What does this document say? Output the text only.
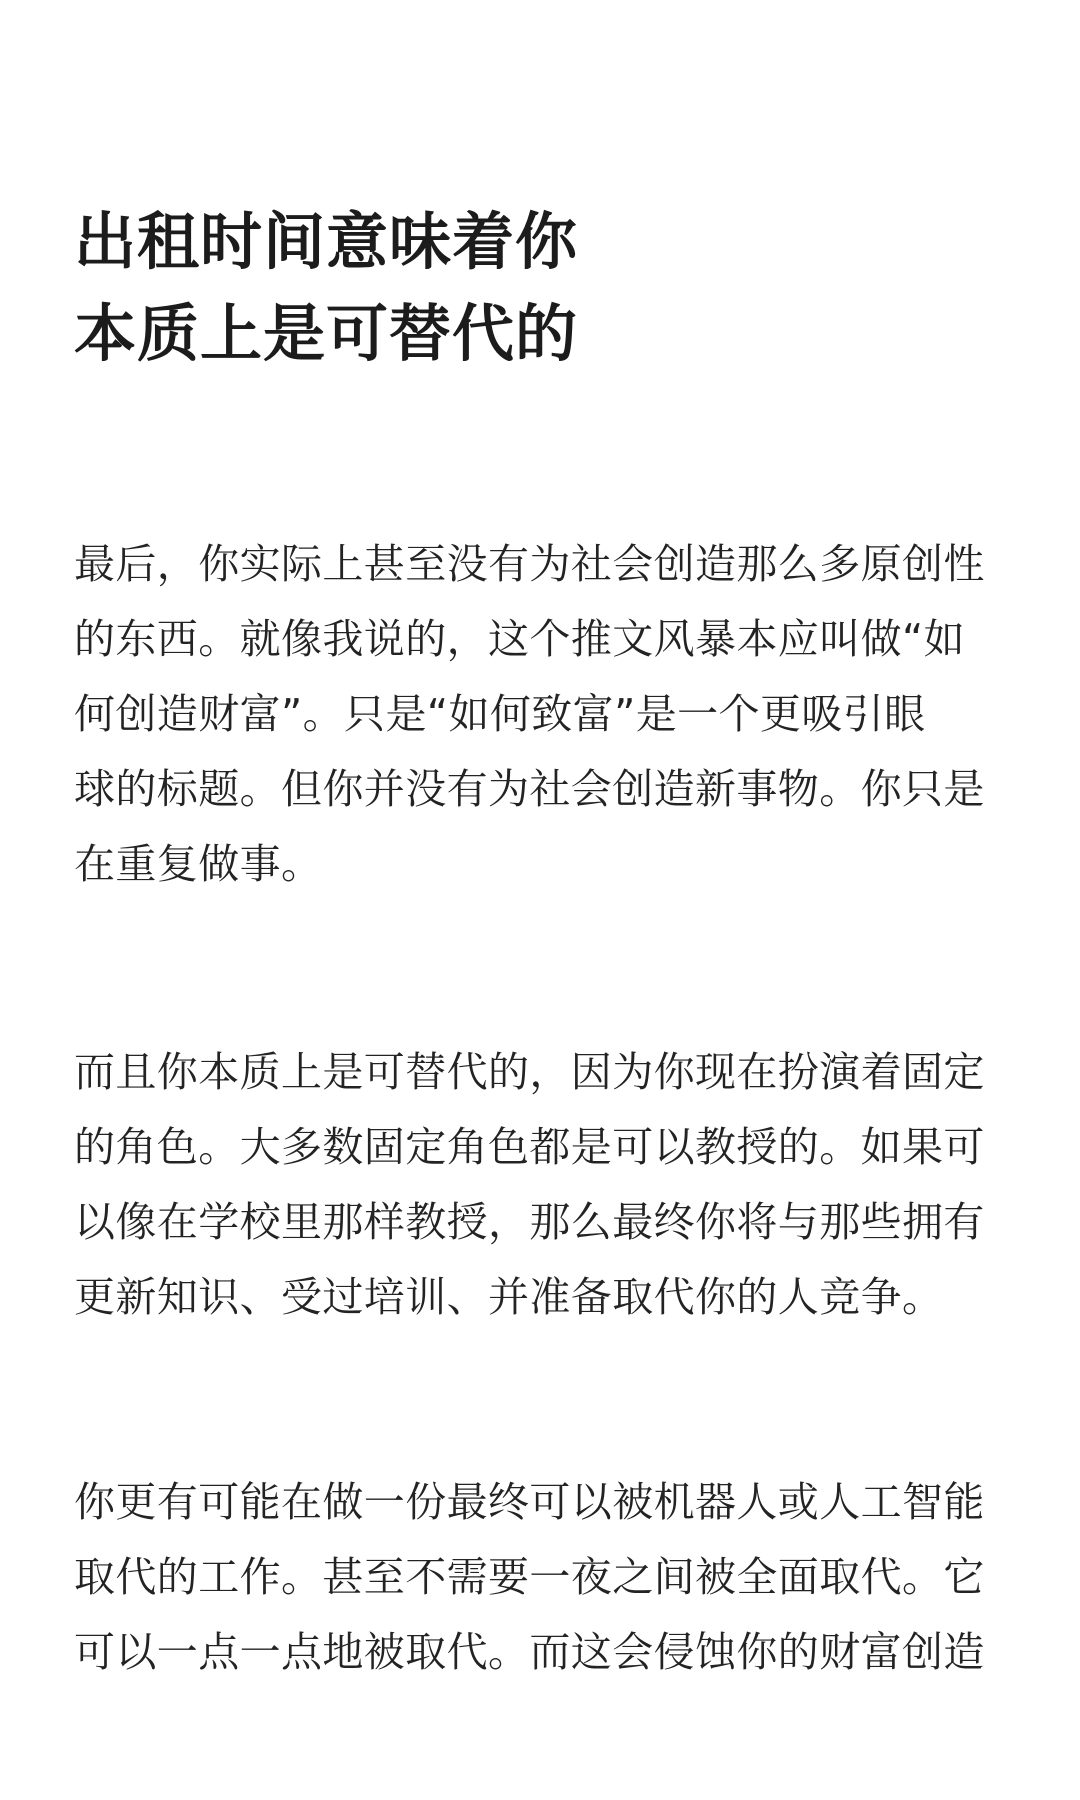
出租时间意味着你
本质上是可替代的

最后，你实际上甚至没有为社会创造那么多原创性
的东西。就像我说的，这个推文风暴本应叫做“如
何创造财富”。只是“如何致富”是一个更吸引眼
球的标题。但你并没有为社会创造新事物。你只是
在重复做事。

而且你本质上是可替代的，因为你现在扮演着固定
的角色。大多数固定角色都是可以教授的。如果可
以像在学校里那样教授，那么最终你将与那些拥有
更新知识、受过培训、并准备取代你的人竞争。

你更有可能在做一份最终可以被机器人或人工智能
取代的工作。甚至不需要一夜之间被全面取代。它
可以一点一点地被取代。而这会侵蚀你的财富创造
